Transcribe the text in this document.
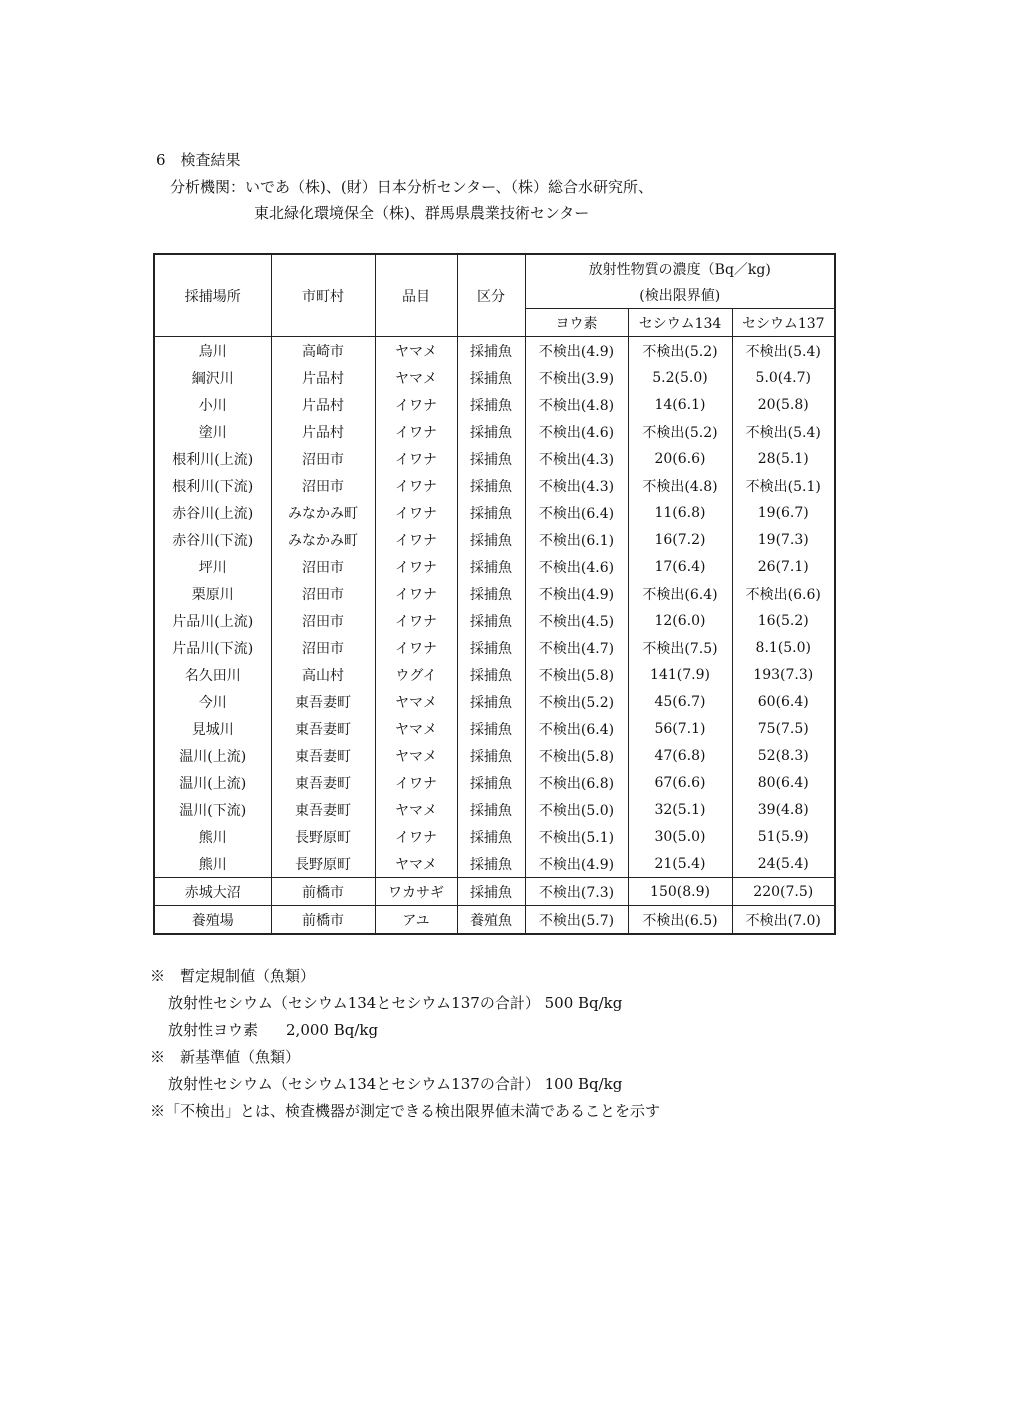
6　検査結果
分析機関：いであ（株)、(財）日本分析センター、（株）総合水研究所、
東北緑化環境保全（株)、群馬県農業技術センター
採捕場所	市町村	品目	区分	放射性物質の濃度（Bq／kg)		
				(検出限界値)		
				ヨウ素	セシウム134	セシウム137
烏川	高崎市	ヤマメ	採捕魚	不検出(4.9)	不検出(5.2)	不検出(5.4)
綱沢川	片品村	ヤマメ	採捕魚	不検出(3.9)	5.2(5.0)	5.0(4.7)
小川	片品村	イワナ	採捕魚	不検出(4.8)	14(6.1)	20(5.8)
塗川	片品村	イワナ	採捕魚	不検出(4.6)	不検出(5.2)	不検出(5.4)
根利川(上流)	沼田市	イワナ	採捕魚	不検出(4.3)	20(6.6)	28(5.1)
根利川(下流)	沼田市	イワナ	採捕魚	不検出(4.3)	不検出(4.8)	不検出(5.1)
赤谷川(上流)	みなかみ町	イワナ	採捕魚	不検出(6.4)	11(6.8)	19(6.7)
赤谷川(下流)	みなかみ町	イワナ	採捕魚	不検出(6.1)	16(7.2)	19(7.3)
坪川	沼田市	イワナ	採捕魚	不検出(4.6)	17(6.4)	26(7.1)
栗原川	沼田市	イワナ	採捕魚	不検出(4.9)	不検出(6.4)	不検出(6.6)
片品川(上流)	沼田市	イワナ	採捕魚	不検出(4.5)	12(6.0)	16(5.2)
片品川(下流)	沼田市	イワナ	採捕魚	不検出(4.7)	不検出(7.5)	8.1(5.0)
名久田川	高山村	ウグイ	採捕魚	不検出(5.8)	141(7.9)	193(7.3)
今川	東吾妻町	ヤマメ	採捕魚	不検出(5.2)	45(6.7)	60(6.4)
見城川	東吾妻町	ヤマメ	採捕魚	不検出(6.4)	56(7.1)	75(7.5)
温川(上流)	東吾妻町	ヤマメ	採捕魚	不検出(5.8)	47(6.8)	52(8.3)
温川(上流)	東吾妻町	イワナ	採捕魚	不検出(6.8)	67(6.6)	80(6.4)
温川(下流)	東吾妻町	ヤマメ	採捕魚	不検出(5.0)	32(5.1)	39(4.8)
熊川	長野原町	イワナ	採捕魚	不検出(5.1)	30(5.0)	51(5.9)
熊川	長野原町	ヤマメ	採捕魚	不検出(4.9)	21(5.4)	24(5.4)
赤城大沼	前橋市	ワカサギ	採捕魚	不検出(7.3)	150(8.9)	220(7.5)
養殖場	前橋市	アユ	養殖魚	不検出(5.7)	不検出(6.5)	不検出(7.0)
※　暫定規制値（魚類）
放射性セシウム（セシウム134とセシウム137の合計） 500 Bq/kg
放射性ヨウ素 2,000 Bq/kg
※　新基準値（魚類）
放射性セシウム（セシウム134とセシウム137の合計） 100 Bq/kg
※「不検出」とは、検査機器が測定できる検出限界値未満であることを示す
